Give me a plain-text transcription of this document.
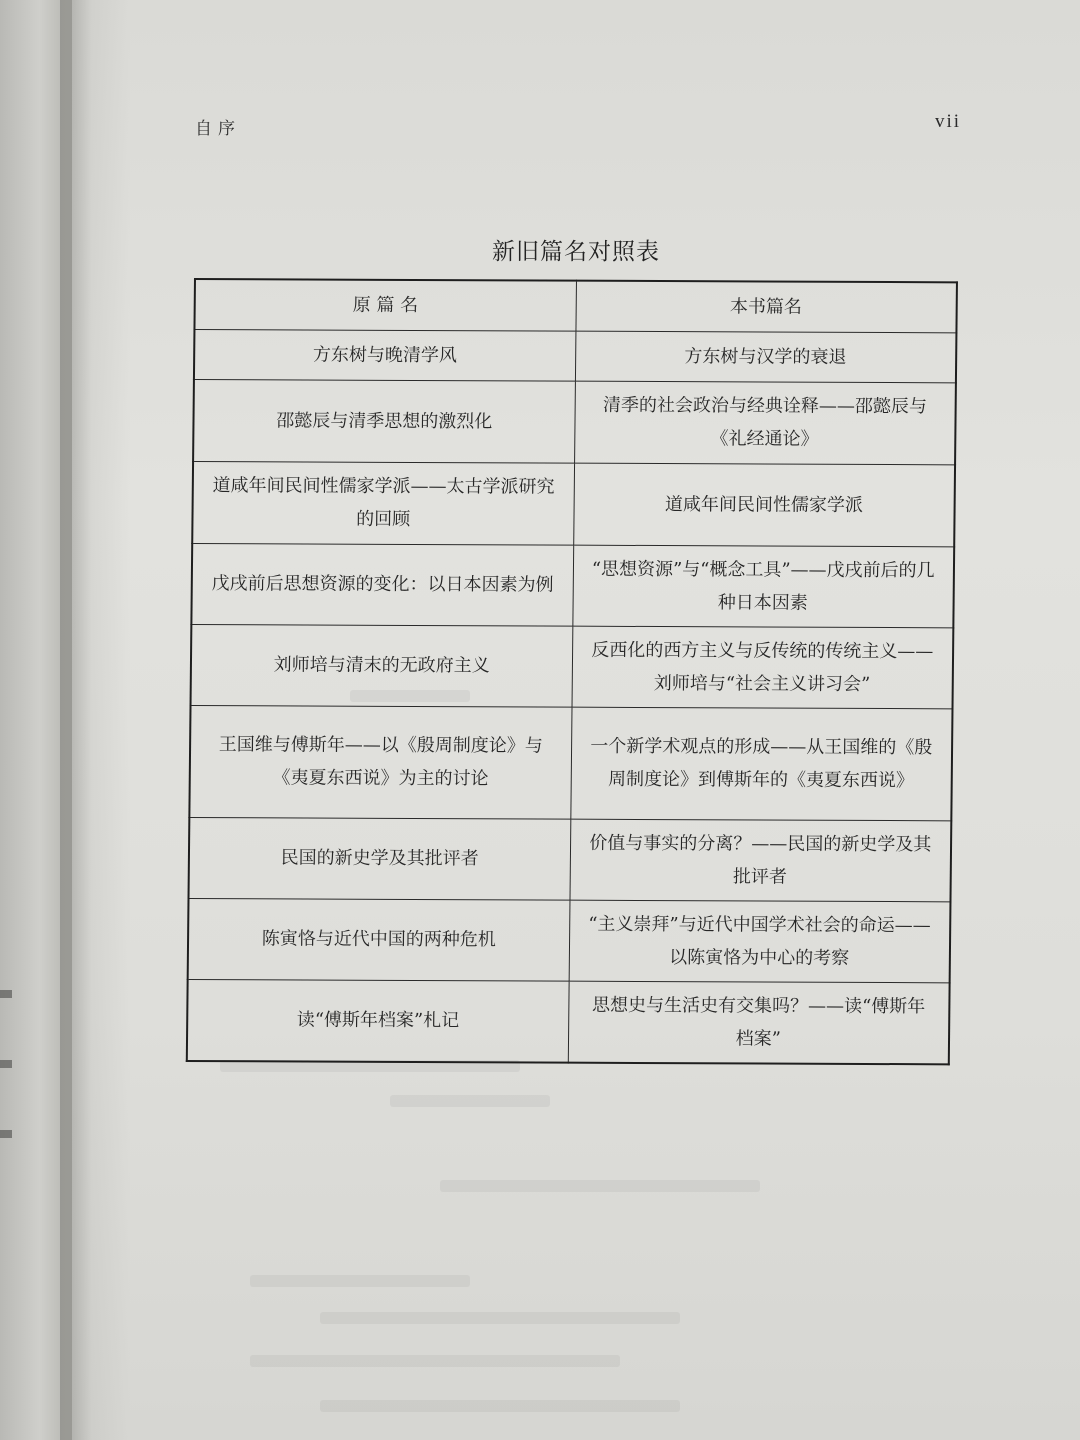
自序	vii
新旧篇名对照表
原 篇 名	本书篇名
方东树与晚清学风	方东树与汉学的衰退
邵懿辰与清季思想的激烈化	清季的社会政治与经典诠释——邵懿辰与《礼经通论》
道咸年间民间性儒家学派——太古学派研究的回顾	道咸年间民间性儒家学派
戊戌前后思想资源的变化：以日本因素为例	“思想资源”与“概念工具”——戊戌前后的几种日本因素
刘师培与清末的无政府主义	反西化的西方主义与反传统的传统主义——刘师培与“社会主义讲习会”
王国维与傅斯年——以《殷周制度论》与《夷夏东西说》为主的讨论	一个新学术观点的形成——从王国维的《殷周制度论》到傅斯年的《夷夏东西说》
民国的新史学及其批评者	价值与事实的分离？——民国的新史学及其批评者
陈寅恪与近代中国的两种危机	“主义崇拜”与近代中国学术社会的命运——以陈寅恪为中心的考察
读“傅斯年档案”札记	思想史与生活史有交集吗？——读“傅斯年档案”
